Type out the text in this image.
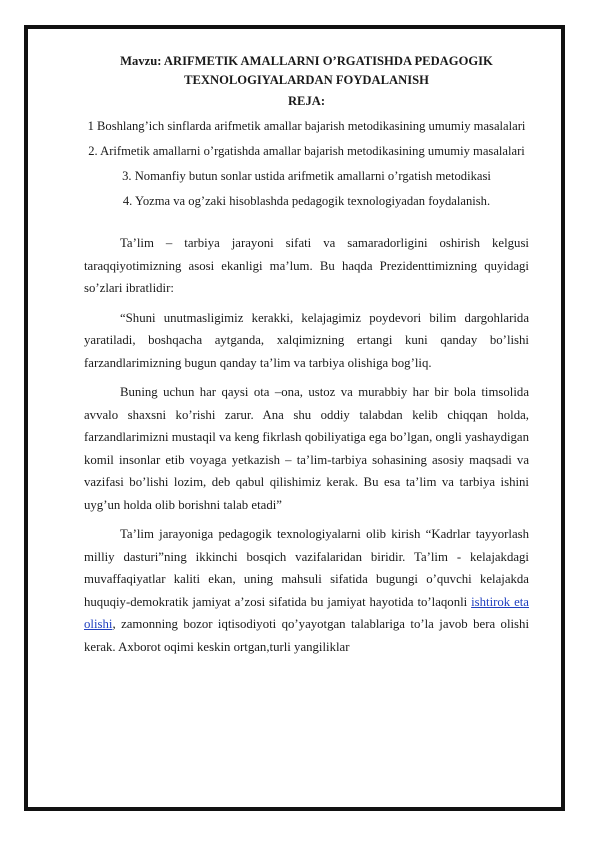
Mavzu: ARIFMETIK AMALLARNI O’RGATISHDA PEDAGOGIK TEXNOLOGIYALARDAN FOYDALANISH
REJA:
1 Boshlang’ich sinflarda arifmetik amallar bajarish metodikasining umumiy masalalari
2. Arifmetik amallarni o’rgatishda amallar bajarish metodikasining umumiy masalalari
3. Nomanfiy butun sonlar ustida arifmetik amallarni o’rgatish metodikasi
4. Yozma va og’zaki hisoblashda pedagogik texnologiyadan foydalanish.

Ta’lim – tarbiya jarayoni sifati va samaradorligini oshirish kelgusi taraqqiyotimizning asosi ekanligi ma’lum. Bu haqda Prezidenttimizning quyidagi so’zlari ibratlidir:

“Shuni unutmasligimiz kerakki, kelajagimiz poydevori bilim dargohlarida yaratiladi, boshqacha aytganda, xalqimizning ertangi kuni qanday bo’lishi farzandlarimizning bugun qanday ta’lim va tarbiya olishiga bog’liq.

Buning uchun har qaysi ota –ona, ustoz va murabbiy har bir bola timsolida avvalo shaxsni ko’rishi zarur. Ana shu oddiy talabdan kelib chiqqan holda, farzandlarimizni mustaqil va keng fikrlash qobiliyatiga ega bo’lgan, ongli yashaydigan komil insonlar etib voyaga yetkazish – ta’lim-tarbiya sohasining asosiy maqsadi va vazifasi bo’lishi lozim, deb qabul qilishimiz kerak. Bu esa ta’lim va tarbiya ishini uyg’un holda olib borishni talab etadi”

Ta’lim jarayoniga pedagogik texnologiyalarni olib kirish “Kadrlar tayyorlash milliy dasturi”ning ikkinchi bosqich vazifalaridan biridir. Ta’lim - kelajakdagi muvaffaqiyatlar kaliti ekan, uning mahsuli sifatida bugungi o’quvchi kelajakda huquqiy-demokratik jamiyat a’zosi sifatida bu jamiyat hayotida to’laqonli ishtirok eta olishi, zamonning bozor iqtisodiyoti qo’yayotgan talablariga to’la javob bera olishi kerak. Axborot oqimi keskin ortgan,turli yangiliklar
